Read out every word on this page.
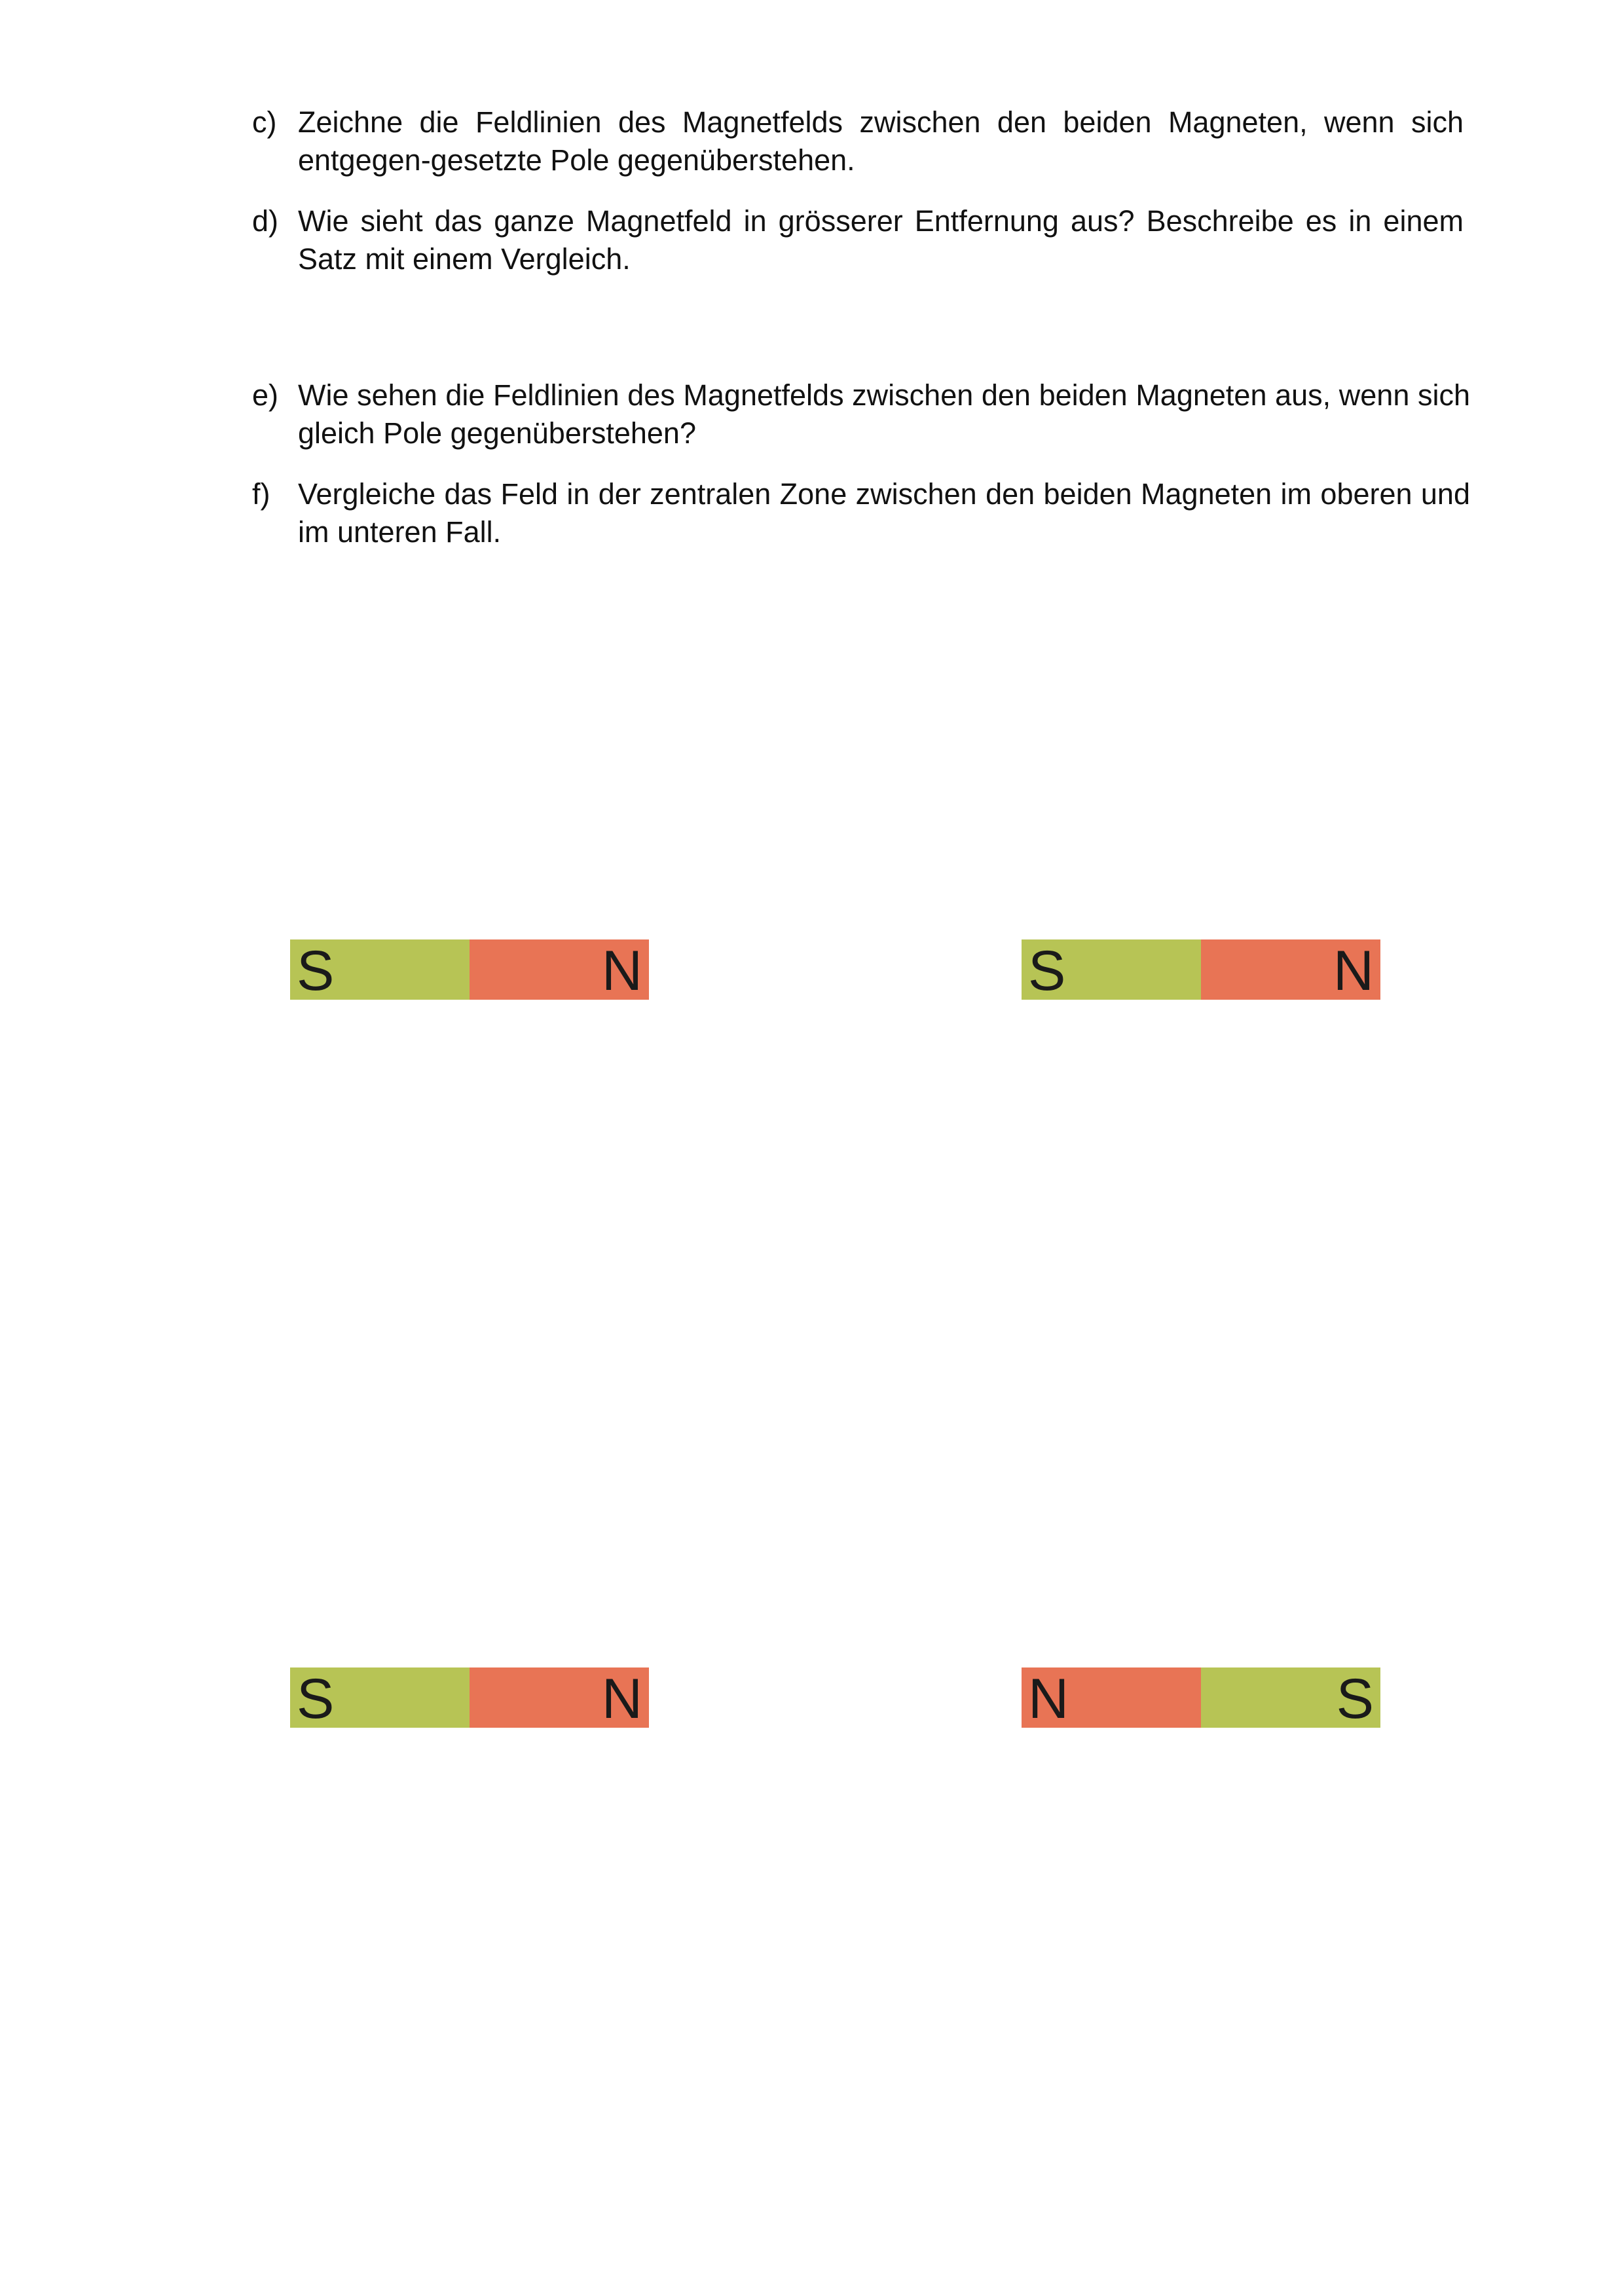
c) Zeichne die Feldlinien des Magnetfelds zwischen den beiden Magneten, wenn sich entgegen-gesetzte Pole gegenüberstehen.
d) Wie sieht das ganze Magnetfeld in grösserer Entfernung aus? Beschreibe es in einem Satz mit einem Vergleich.
e) Wie sehen die Feldlinien des Magnetfelds zwischen den beiden Magneten aus, wenn sich gleich Pole gegenüberstehen?
f) Vergleiche das Feld in der zentralen Zone zwischen den beiden Magneten im oberen und im unteren Fall.
S	N	S	N
S	N	N	S
